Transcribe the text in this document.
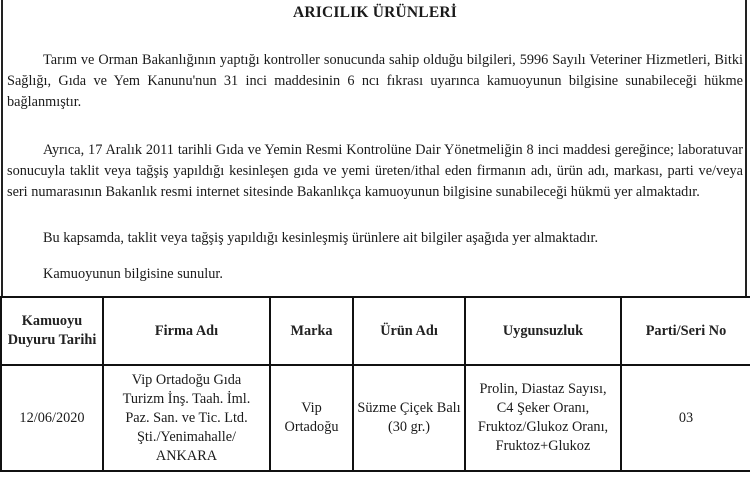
ARICILIK ÜRÜNLERİ
Tarım ve Orman Bakanlığının yaptığı kontroller sonucunda sahip olduğu bilgileri, 5996 Sayılı Veteriner Hizmetleri, Bitki Sağlığı, Gıda ve Yem Kanunu'nun 31 inci maddesinin 6 ncı fıkrası uyarınca kamuoyunun bilgisine sunabileceği hükme bağlanmıştır.
Ayrıca, 17 Aralık 2011 tarihli Gıda ve Yemin Resmi Kontrolüne Dair Yönetmeliğin 8 inci maddesi gereğince; laboratuvar sonucuyla taklit veya tağşiş yapıldığı kesinleşen gıda ve yemi üreten/ithal eden firmanın adı, ürün adı, markası, parti ve/veya seri numarasının Bakanlık resmi internet sitesinde Bakanlıkça kamuoyunun bilgisine sunabileceği hükmü yer almaktadır.
Bu kapsamda, taklit veya tağşiş yapıldığı kesinleşmiş ürünlere ait bilgiler aşağıda yer almaktadır.
Kamuoyunun bilgisine sunulur.
Kamuoyu
Duyuru Tarihi	Firma Adı	Marka	Ürün Adı	Uygunsuzluk	Parti/Seri No
12/06/2020	Vip Ortadoğu Gıda
Turizm İnş. Taah. İml.
Paz. San. ve Tic. Ltd.
Şti./Yenimahalle/
ANKARA	Vip
Ortadoğu	Süzme Çiçek Balı
(30 gr.)	Prolin, Diastaz Sayısı,
C4 Şeker Oranı,
Fruktoz/Glukoz Oranı,
Fruktoz+Glukoz	03
